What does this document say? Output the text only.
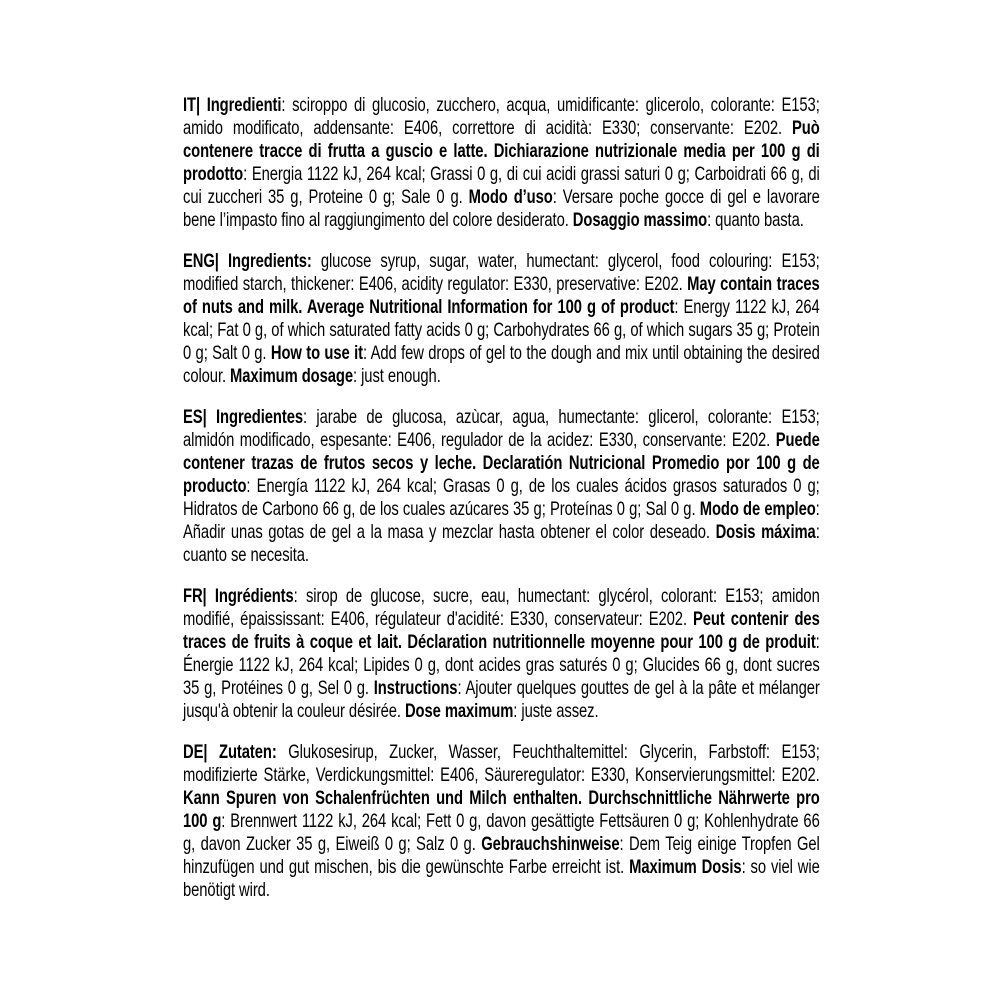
IT| Ingredienti: sciroppo di glucosio, zucchero, acqua, umidificante: glicerolo, colorante: E153; amido modificato, addensante: E406, correttore di acidità: E330; conservante: E202. Può contenere tracce di frutta a guscio e latte. Dichiarazione nutrizionale media per 100 g di prodotto: Energia 1122 kJ, 264 kcal; Grassi 0 g, di cui acidi grassi saturi 0 g; Carboidrati 66 g, di cui zuccheri 35 g, Proteine 0 g; Sale 0 g. Modo d’uso: Versare poche gocce di gel e lavorare bene l’impasto fino al raggiungimento del colore desiderato. Dosaggio massimo: quanto basta.

ENG| Ingredients: glucose syrup, sugar, water, humectant: glycerol, food colouring: E153; modified starch, thickener: E406, acidity regulator: E330, preservative: E202. May contain traces of nuts and milk. Average Nutritional Information for 100 g of product: Energy 1122 kJ, 264 kcal; Fat 0 g, of which saturated fatty acids 0 g; Carbohydrates 66 g, of which sugars 35 g; Protein 0 g; Salt 0 g. How to use it: Add few drops of gel to the dough and mix until obtaining the desired colour. Maximum dosage: just enough.

ES| Ingredientes: jarabe de glucosa, azùcar, agua, humectante: glicerol, colorante: E153; almidón modificado, espesante: E406, regulador de la acidez: E330, conservante: E202. Puede contener trazas de frutos secos y leche. Declaratión Nutricional Promedio por 100 g de producto: Energía 1122 kJ, 264 kcal; Grasas 0 g, de los cuales ácidos grasos saturados 0 g; Hidratos de Carbono 66 g, de los cuales azúcares 35 g; Proteínas 0 g; Sal 0 g. Modo de empleo: Añadir unas gotas de gel a la masa y mezclar hasta obtener el color deseado. Dosis máxima: cuanto se necesita.

FR| Ingrédients: sirop de glucose, sucre, eau, humectant: glycérol, colorant: E153; amidon modifié, épaississant: E406, régulateur d'acidité: E330, conservateur: E202. Peut contenir des traces de fruits à coque et lait. Déclaration nutritionnelle moyenne pour 100 g de produit: Énergie 1122 kJ, 264 kcal; Lipides 0 g, dont acides gras saturés 0 g; Glucides 66 g, dont sucres 35 g, Protéines 0 g, Sel 0 g. Instructions: Ajouter quelques gouttes de gel à la pâte et mélanger jusqu'à obtenir la couleur désirée. Dose maximum: juste assez.

DE| Zutaten: Glukosesirup, Zucker, Wasser, Feuchthaltemittel: Glycerin, Farbstoff: E153; modifizierte Stärke, Verdickungsmittel: E406, Säureregulator: E330, Konservierungsmittel: E202. Kann Spuren von Schalenfrüchten und Milch enthalten. Durchschnittliche Nährwerte pro 100 g: Brennwert 1122 kJ, 264 kcal; Fett 0 g, davon gesättigte Fettsäuren 0 g; Kohlenhydrate 66 g, davon Zucker 35 g, Eiweiß 0 g; Salz 0 g. Gebrauchshinweise: Dem Teig einige Tropfen Gel hinzufügen und gut mischen, bis die gewünschte Farbe erreicht ist. Maximum Dosis: so viel wie benötigt wird.
